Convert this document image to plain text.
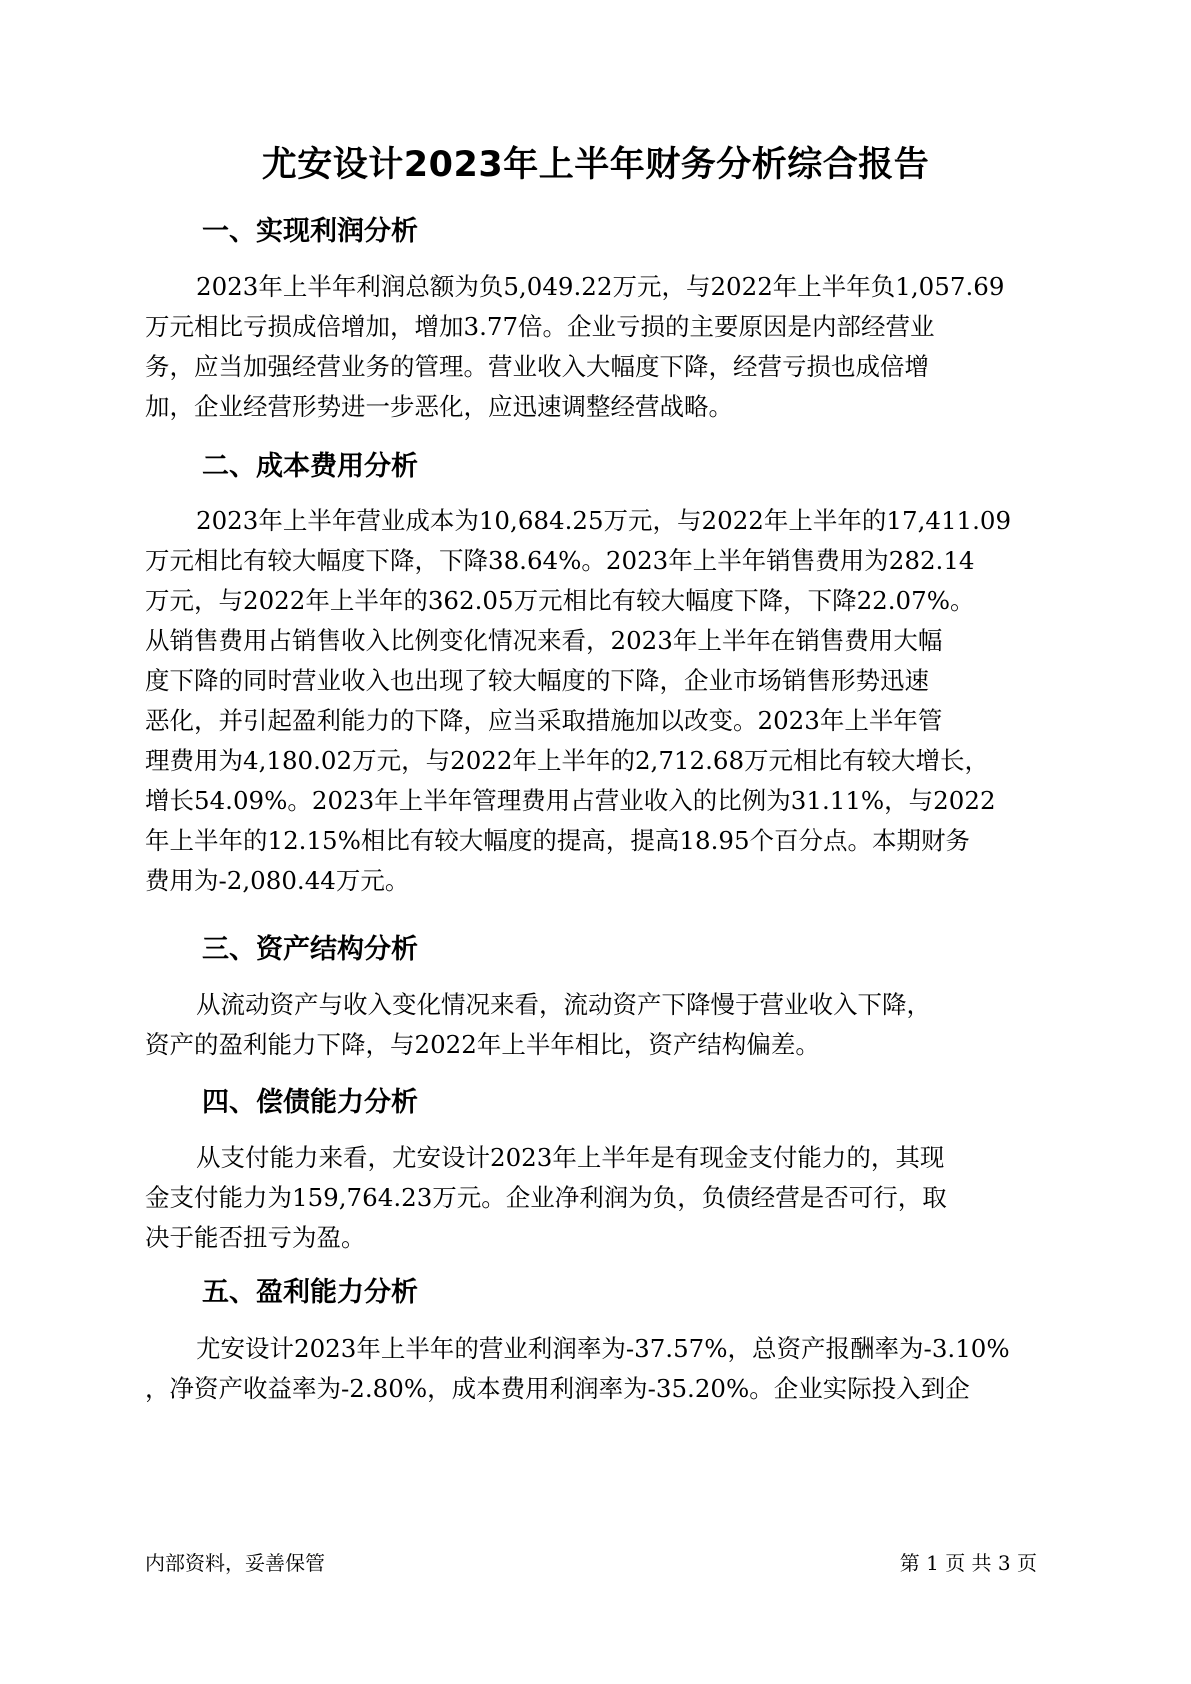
尤安设计2023年上半年财务分析综合报告
一、实现利润分析
2023年上半年利润总额为负5,049.22万元，与2022年上半年负1,057.69
万元相比亏损成倍增加，增加3.77倍。企业亏损的主要原因是内部经营业
务，应当加强经营业务的管理。营业收入大幅度下降，经营亏损也成倍增
加，企业经营形势进一步恶化，应迅速调整经营战略。
二、成本费用分析
2023年上半年营业成本为10,684.25万元，与2022年上半年的17,411.09
万元相比有较大幅度下降，下降38.64%。2023年上半年销售费用为282.14
万元，与2022年上半年的362.05万元相比有较大幅度下降，下降22.07%。
从销售费用占销售收入比例变化情况来看，2023年上半年在销售费用大幅
度下降的同时营业收入也出现了较大幅度的下降，企业市场销售形势迅速
恶化，并引起盈利能力的下降，应当采取措施加以改变。2023年上半年管
理费用为4,180.02万元，与2022年上半年的2,712.68万元相比有较大增长，
增长54.09%。2023年上半年管理费用占营业收入的比例为31.11%，与2022
年上半年的12.15%相比有较大幅度的提高，提高18.95个百分点。本期财务
费用为-2,080.44万元。
三、资产结构分析
从流动资产与收入变化情况来看，流动资产下降慢于营业收入下降，
资产的盈利能力下降，与2022年上半年相比，资产结构偏差。
四、偿债能力分析
从支付能力来看，尤安设计2023年上半年是有现金支付能力的，其现
金支付能力为159,764.23万元。企业净利润为负，负债经营是否可行，取
决于能否扭亏为盈。
五、盈利能力分析
尤安设计2023年上半年的营业利润率为-37.57%，总资产报酬率为-3.10%
，净资产收益率为-2.80%，成本费用利润率为-35.20%。企业实际投入到企
内部资料，妥善保管	第 1 页 共 3 页
